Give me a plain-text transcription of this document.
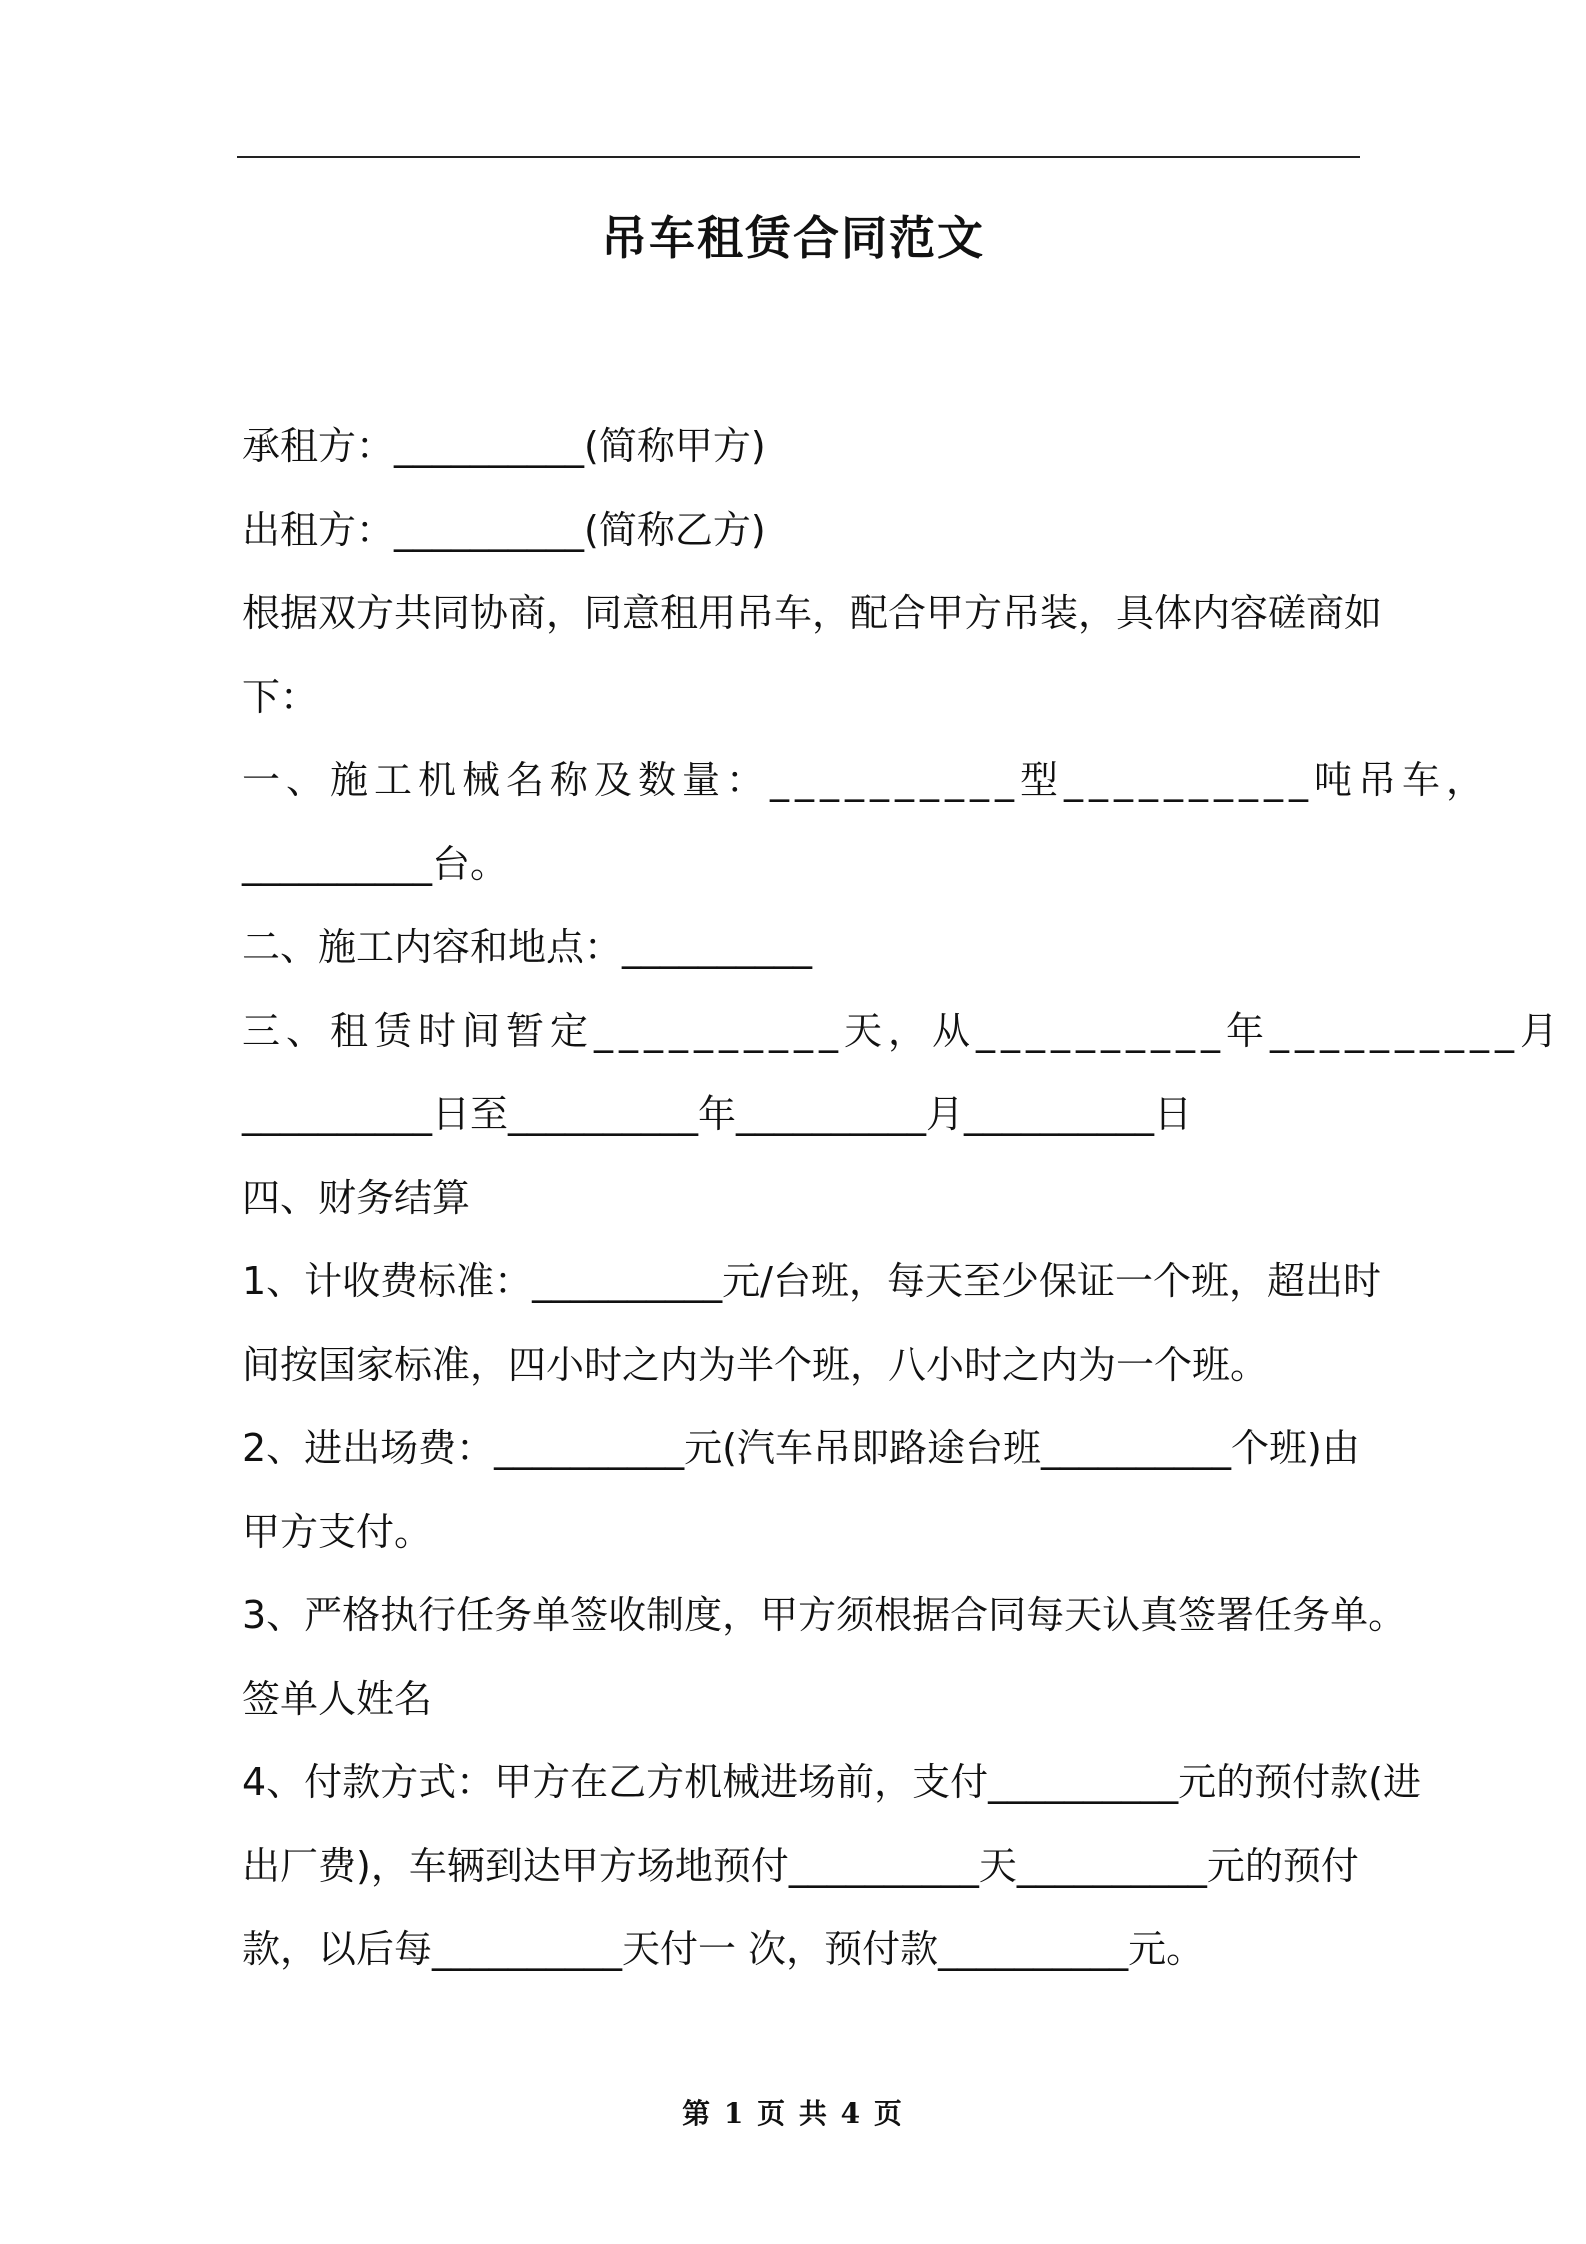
吊车租赁合同范文

承租方：__________(简称甲方)

出租方：__________(简称乙方)

根据双方共同协商，同意租用吊车，配合甲方吊装，具体内容磋商如

下：

一、施工机械名称及数量：__________型__________吨吊车，

__________台。

二、施工内容和地点：__________

三、租赁时间暂定__________天，从__________年__________月

__________日至__________年__________月__________日

四、财务结算

1、计收费标准：__________元/台班，每天至少保证一个班，超出时

间按国家标准，四小时之内为半个班，八小时之内为一个班。

2、进出场费：__________元(汽车吊即路途台班__________个班)由

甲方支付。

3、严格执行任务单签收制度，甲方须根据合同每天认真签署任务单。

签单人姓名

4、付款方式：甲方在乙方机械进场前，支付__________元的预付款(进

出厂费)，车辆到达甲方场地预付__________天__________元的预付

款，以后每__________天付一 次，预付款__________元。

第 1 页 共 4 页
